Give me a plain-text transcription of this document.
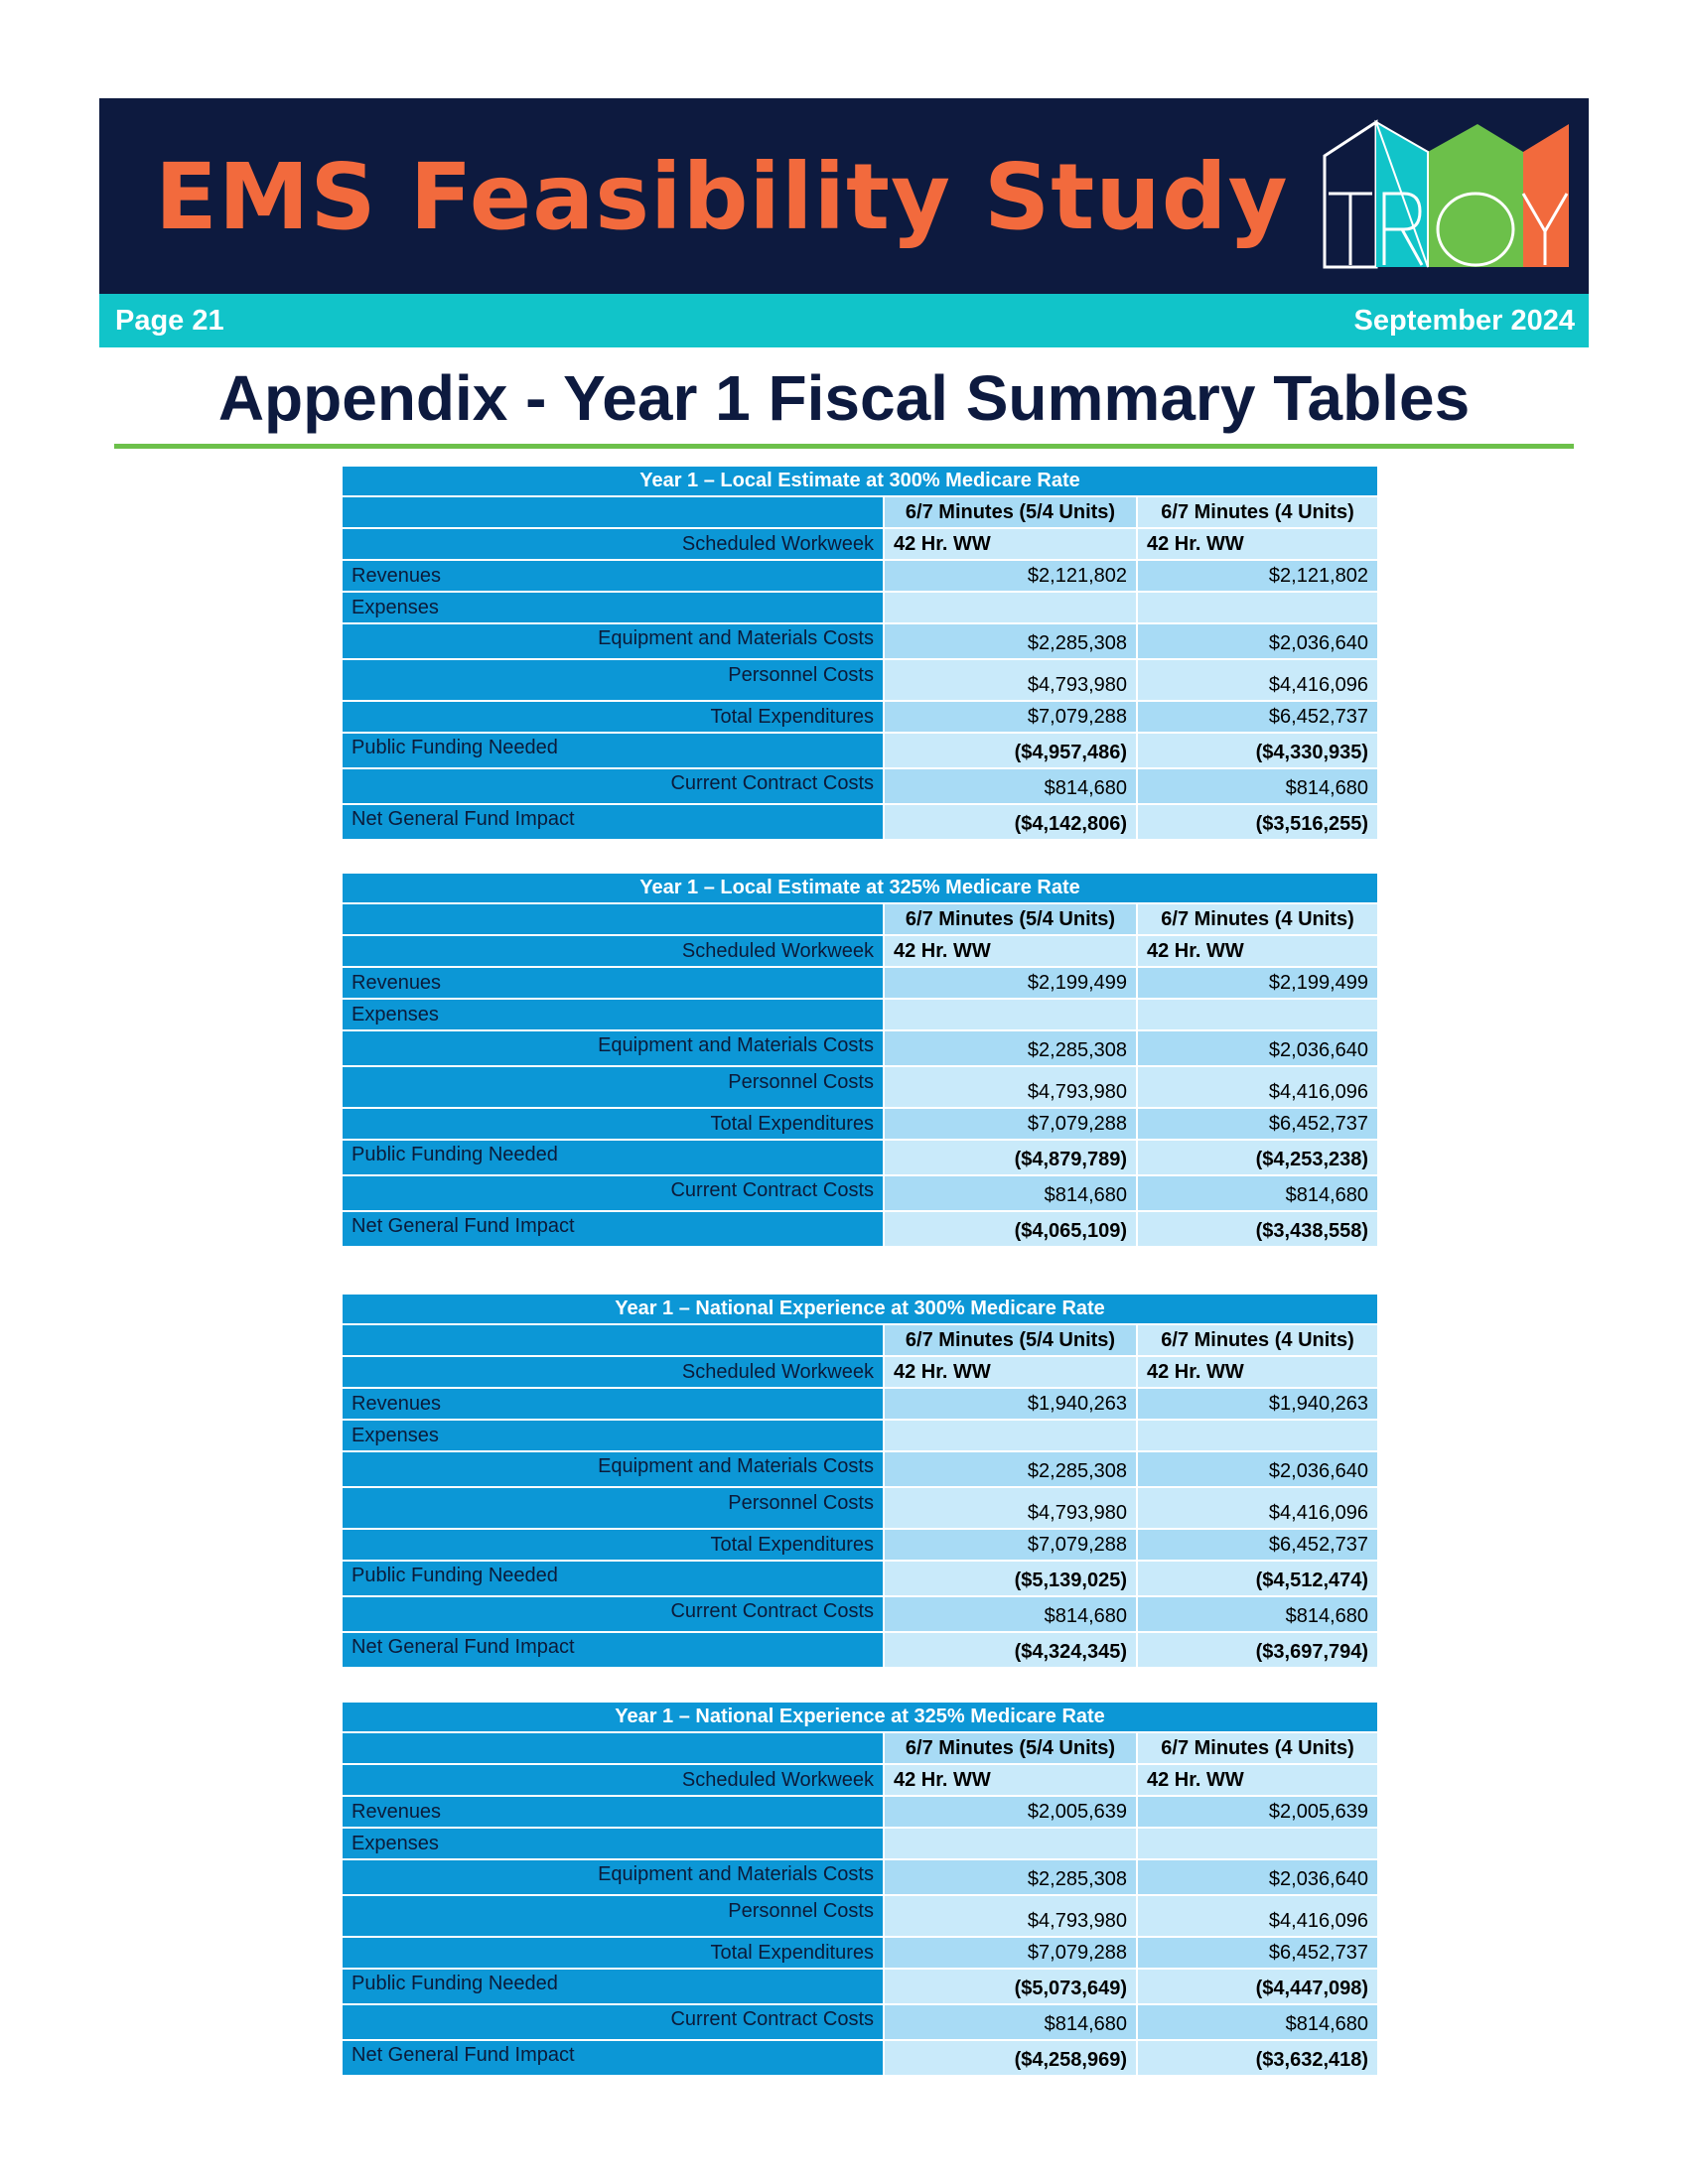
EMS Feasibility Study
Page 21	September 2024
Appendix - Year 1 Fiscal Summary Tables
Year 1 – Local Estimate at 300% Medicare Rate		
	6/7 Minutes (5/4 Units)	6/7 Minutes (4 Units)
Scheduled Workweek	42 Hr. WW	42 Hr. WW
Revenues	$2,121,802	$2,121,802
Expenses		
Equipment and Materials Costs	$2,285,308	$2,036,640
Personnel Costs	$4,793,980	$4,416,096
Total Expenditures	$7,079,288	$6,452,737
Public Funding Needed	($4,957,486)	($4,330,935)
Current Contract Costs	$814,680	$814,680
Net General Fund Impact	($4,142,806)	($3,516,255)
Year 1 – Local Estimate at 325% Medicare Rate		
	6/7 Minutes (5/4 Units)	6/7 Minutes (4 Units)
Scheduled Workweek	42 Hr. WW	42 Hr. WW
Revenues	$2,199,499	$2,199,499
Expenses		
Equipment and Materials Costs	$2,285,308	$2,036,640
Personnel Costs	$4,793,980	$4,416,096
Total Expenditures	$7,079,288	$6,452,737
Public Funding Needed	($4,879,789)	($4,253,238)
Current Contract Costs	$814,680	$814,680
Net General Fund Impact	($4,065,109)	($3,438,558)
Year 1 – National Experience at 300% Medicare Rate		
	6/7 Minutes (5/4 Units)	6/7 Minutes (4 Units)
Scheduled Workweek	42 Hr. WW	42 Hr. WW
Revenues	$1,940,263	$1,940,263
Expenses		
Equipment and Materials Costs	$2,285,308	$2,036,640
Personnel Costs	$4,793,980	$4,416,096
Total Expenditures	$7,079,288	$6,452,737
Public Funding Needed	($5,139,025)	($4,512,474)
Current Contract Costs	$814,680	$814,680
Net General Fund Impact	($4,324,345)	($3,697,794)
Year 1 – National Experience at 325% Medicare Rate		
	6/7 Minutes (5/4 Units)	6/7 Minutes (4 Units)
Scheduled Workweek	42 Hr. WW	42 Hr. WW
Revenues	$2,005,639	$2,005,639
Expenses		
Equipment and Materials Costs	$2,285,308	$2,036,640
Personnel Costs	$4,793,980	$4,416,096
Total Expenditures	$7,079,288	$6,452,737
Public Funding Needed	($5,073,649)	($4,447,098)
Current Contract Costs	$814,680	$814,680
Net General Fund Impact	($4,258,969)	($3,632,418)
